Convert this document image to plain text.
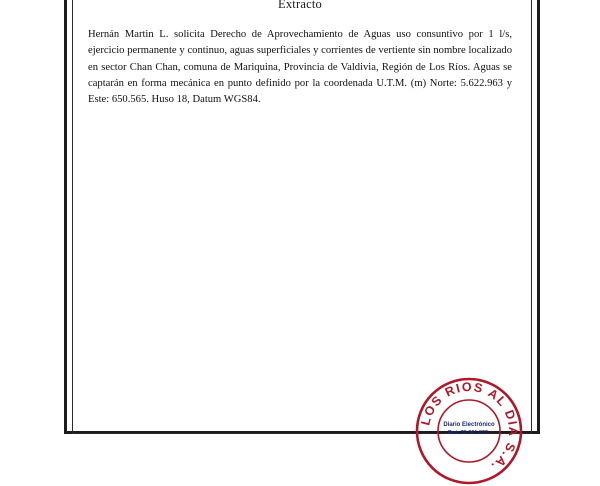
Extracto
Hernán Martin L. solicita Derecho de Aprovechamiento de Aguas uso consuntivo por 1 l/s, ejercicio permanente y continuo, aguas superficiales y corrientes de vertiente sin nombre localizado en sector Chan Chan, comuna de Mariquina, Provincia de Valdivia, Región de Los Ríos. Aguas se captarán en forma mecánica en punto definido por la coordenada U.T.M. (m) Norte: 5.622.963 y Este: 650.565. Huso 18, Datum WGS84.
LOS RIOS AL DIA S.A.
Diario Electrónico
Rut: 76.361.832-
